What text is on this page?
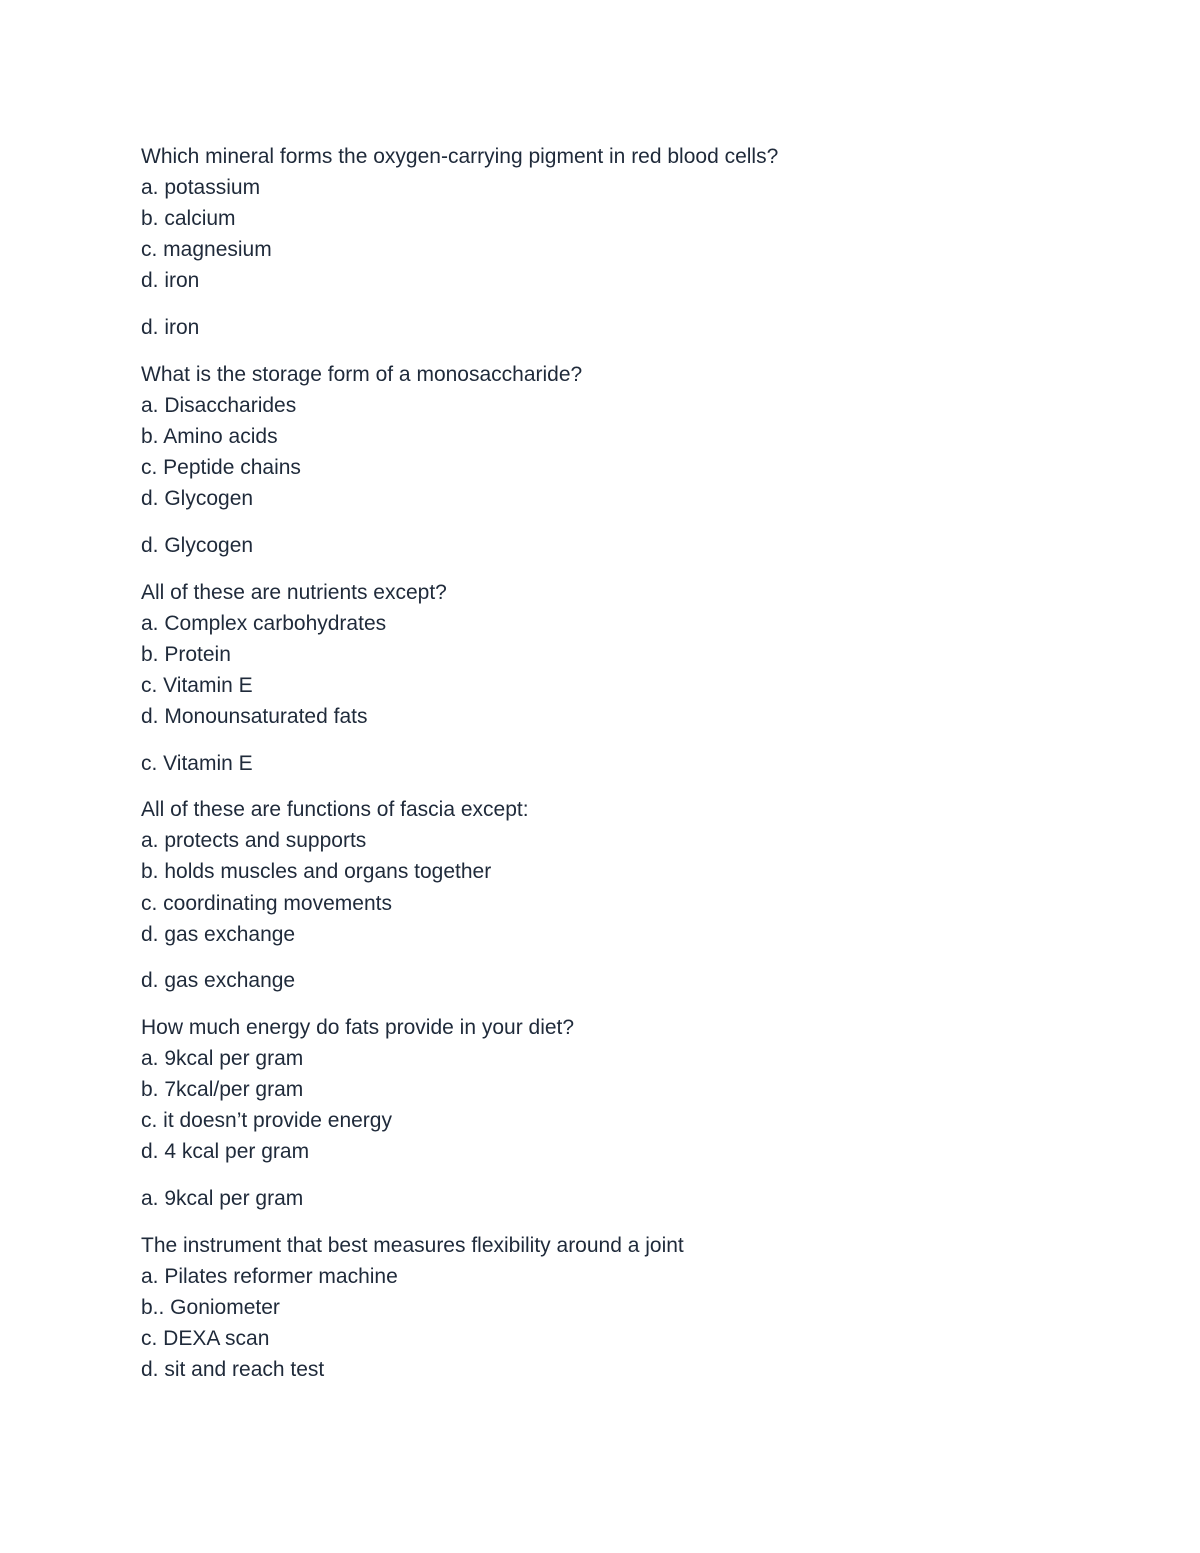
Which mineral forms the oxygen-carrying pigment in red blood cells?
a. potassium
b. calcium
c. magnesium
d. iron
d. iron
What is the storage form of a monosaccharide?
a. Disaccharides
b. Amino acids
c. Peptide chains
d. Glycogen
d. Glycogen
All of these are nutrients except?
a. Complex carbohydrates
b. Protein
c. Vitamin E
d. Monounsaturated fats
c. Vitamin E
All of these are functions of fascia except:
a. protects and supports
b. holds muscles and organs together
c. coordinating movements
d. gas exchange
d. gas exchange
How much energy do fats provide in your diet?
a. 9kcal per gram
b. 7kcal/per gram
c. it doesn’t provide energy
d. 4 kcal per gram
a. 9kcal per gram
The instrument that best measures flexibility around a joint
a. Pilates reformer machine
b.. Goniometer
c. DEXA scan
d. sit and reach test
